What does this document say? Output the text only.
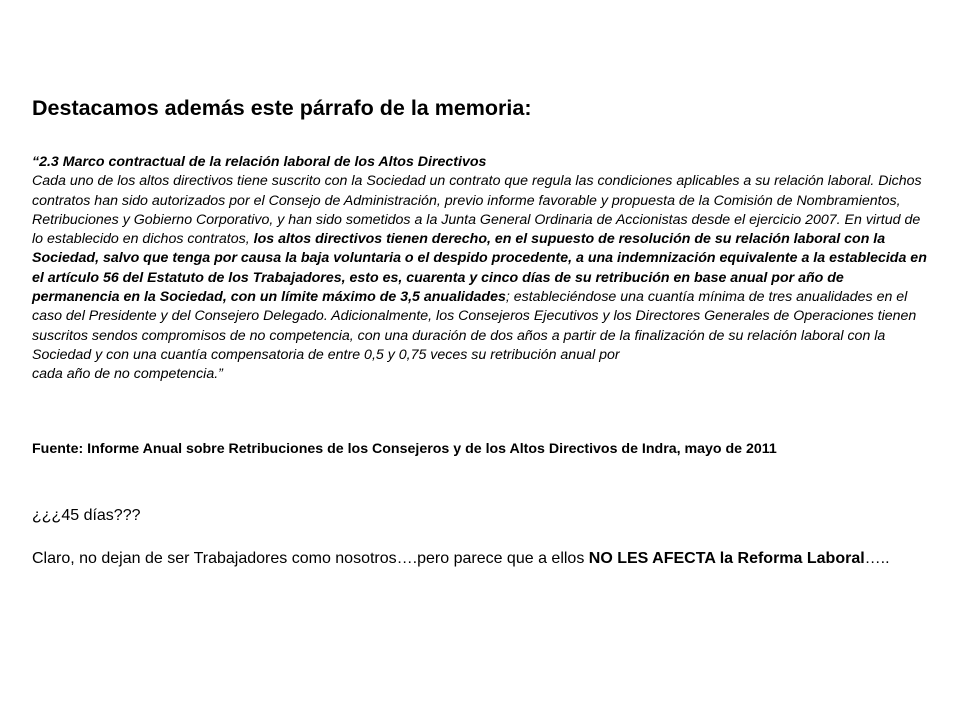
Destacamos además este párrafo de la memoria:

“2.3 Marco contractual de la relación laboral de los Altos Directivos
Cada uno de los altos directivos tiene suscrito con la Sociedad un contrato que regula las condiciones aplicables a su relación laboral. Dichos contratos han sido autorizados por el Consejo de Administración, previo informe favorable y propuesta de la Comisión de Nombramientos, Retribuciones y Gobierno Corporativo, y han sido sometidos a la Junta General Ordinaria de Accionistas desde el ejercicio 2007. En virtud de lo establecido en dichos contratos, los altos directivos tienen derecho, en el supuesto de resolución de su relación laboral con la Sociedad, salvo que tenga por causa la baja voluntaria o el despido procedente, a una indemnización equivalente a la establecida en el artículo 56 del Estatuto de los Trabajadores, esto es, cuarenta y cinco días de su retribución en base anual por año de permanencia en la Sociedad, con un límite máximo de 3,5 anualidades; estableciéndose una cuantía mínima de tres anualidades en el caso del Presidente y del Consejero Delegado. Adicionalmente, los Consejeros Ejecutivos y los Directores Generales de Operaciones tienen suscritos sendos compromisos de no competencia, con una duración de dos años a partir de la finalización de su relación laboral con la Sociedad y con una cuantía compensatoria de entre 0,5 y 0,75 veces su retribución anual por
cada año de no competencia.”

Fuente: Informe Anual sobre Retribuciones de los Consejeros y de los Altos Directivos de Indra, mayo de 2011

¿¿¿45 días???

Claro, no dejan de ser Trabajadores como nosotros….pero parece que a ellos NO LES AFECTA la Reforma Laboral…..
